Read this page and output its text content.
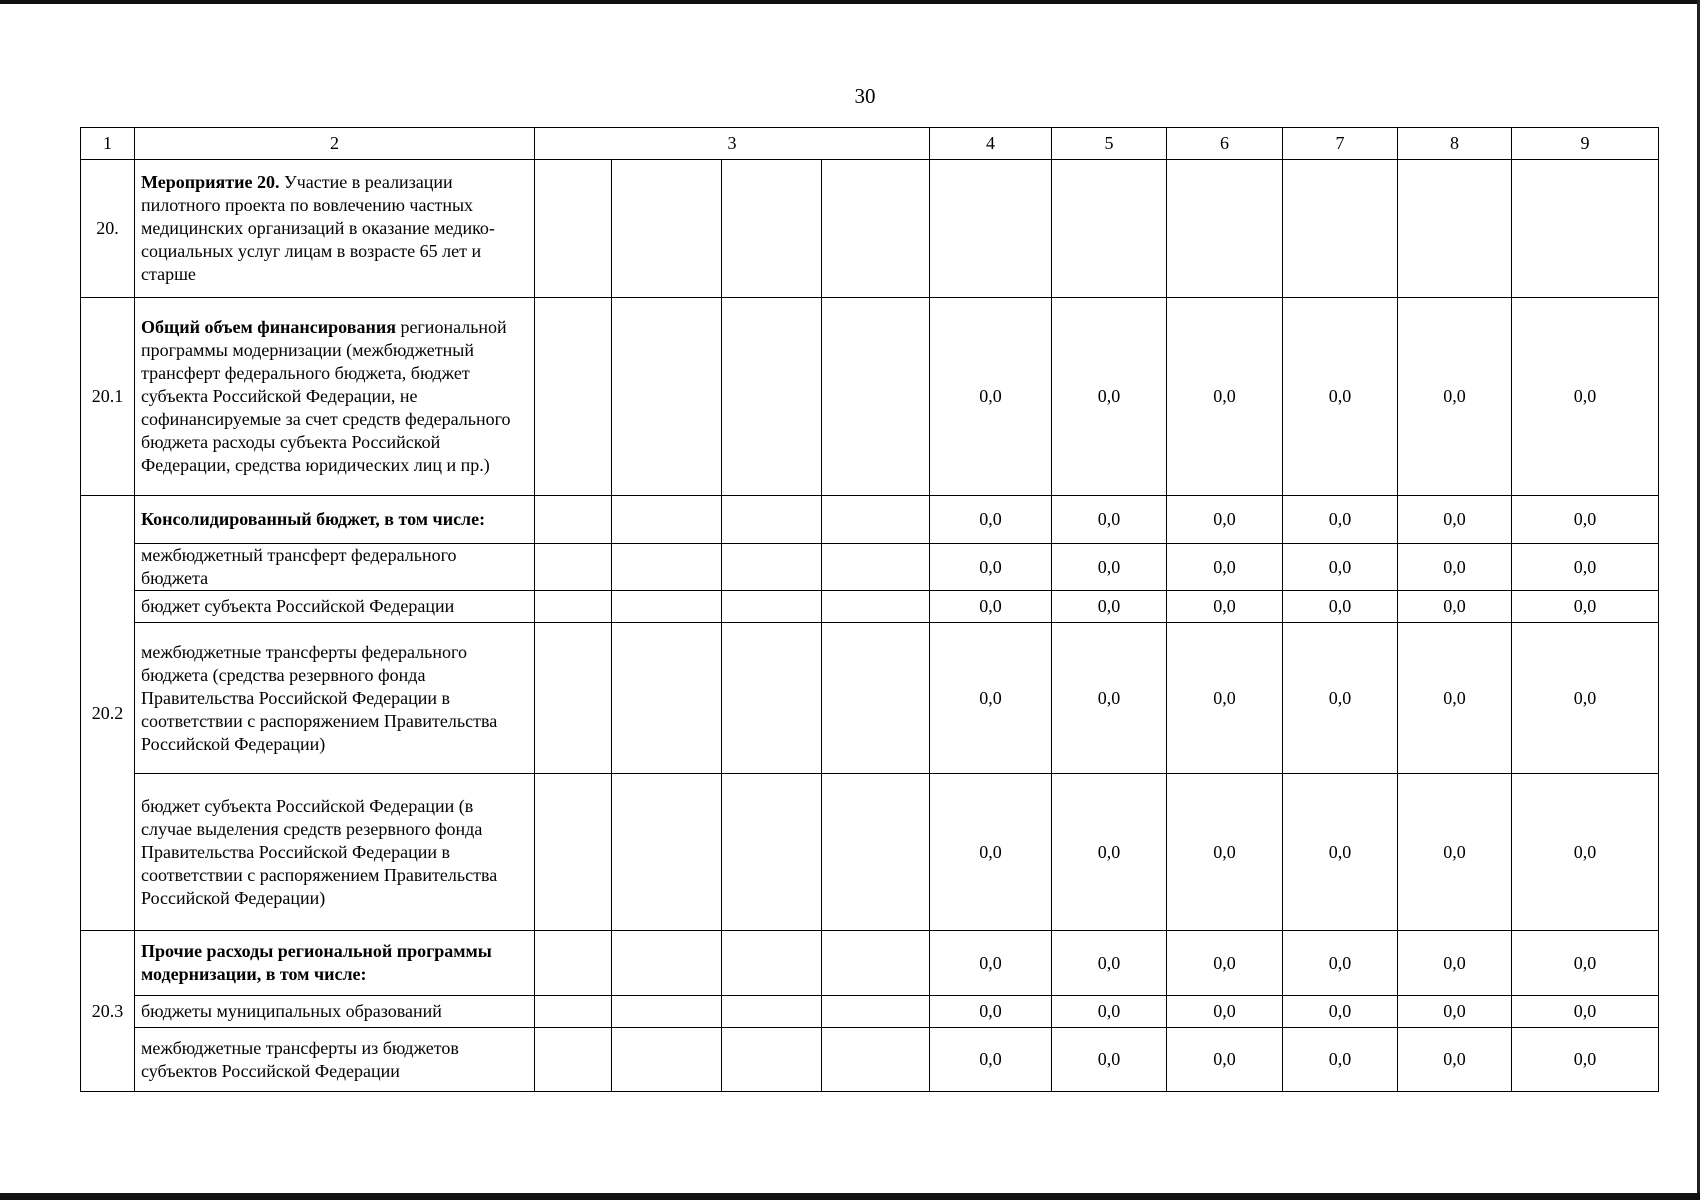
30
1	2	3				4	5	6	7	8	9
20.	Мероприятие 20. Участие в реализации пилотного проекта по вовлечению частных медицинских организаций в оказание медико-социальных услуг лицам в возрасте 65 лет и старше										
20.1	Общий объем финансирования региональной программы модернизации (межбюджетный трансферт федерального бюджета, бюджет субъекта Российской Федерации, не софинансируемые за счет средств федерального бюджета расходы субъекта Российской Федерации, средства юридических лиц и пр.)					0,0	0,0	0,0	0,0	0,0	0,0
20.2	Консолидированный бюджет, в том числе:					0,0	0,0	0,0	0,0	0,0	0,0
	межбюджетный трансферт федерального бюджета					0,0	0,0	0,0	0,0	0,0	0,0
	бюджет субъекта Российской Федерации					0,0	0,0	0,0	0,0	0,0	0,0
	межбюджетные трансферты федерального бюджета (средства резервного фонда Правительства Российской Федерации в соответствии с распоряжением Правительства Российской Федерации)					0,0	0,0	0,0	0,0	0,0	0,0
	бюджет субъекта Российской Федерации (в случае выделения средств резервного фонда Правительства Российской Федерации в соответствии с распоряжением Правительства Российской Федерации)					0,0	0,0	0,0	0,0	0,0	0,0
20.3	Прочие расходы региональной программы модернизации, в том числе:					0,0	0,0	0,0	0,0	0,0	0,0
	бюджеты муниципальных образований					0,0	0,0	0,0	0,0	0,0	0,0
	межбюджетные трансферты из бюджетов субъектов Российской Федерации					0,0	0,0	0,0	0,0	0,0	0,0
